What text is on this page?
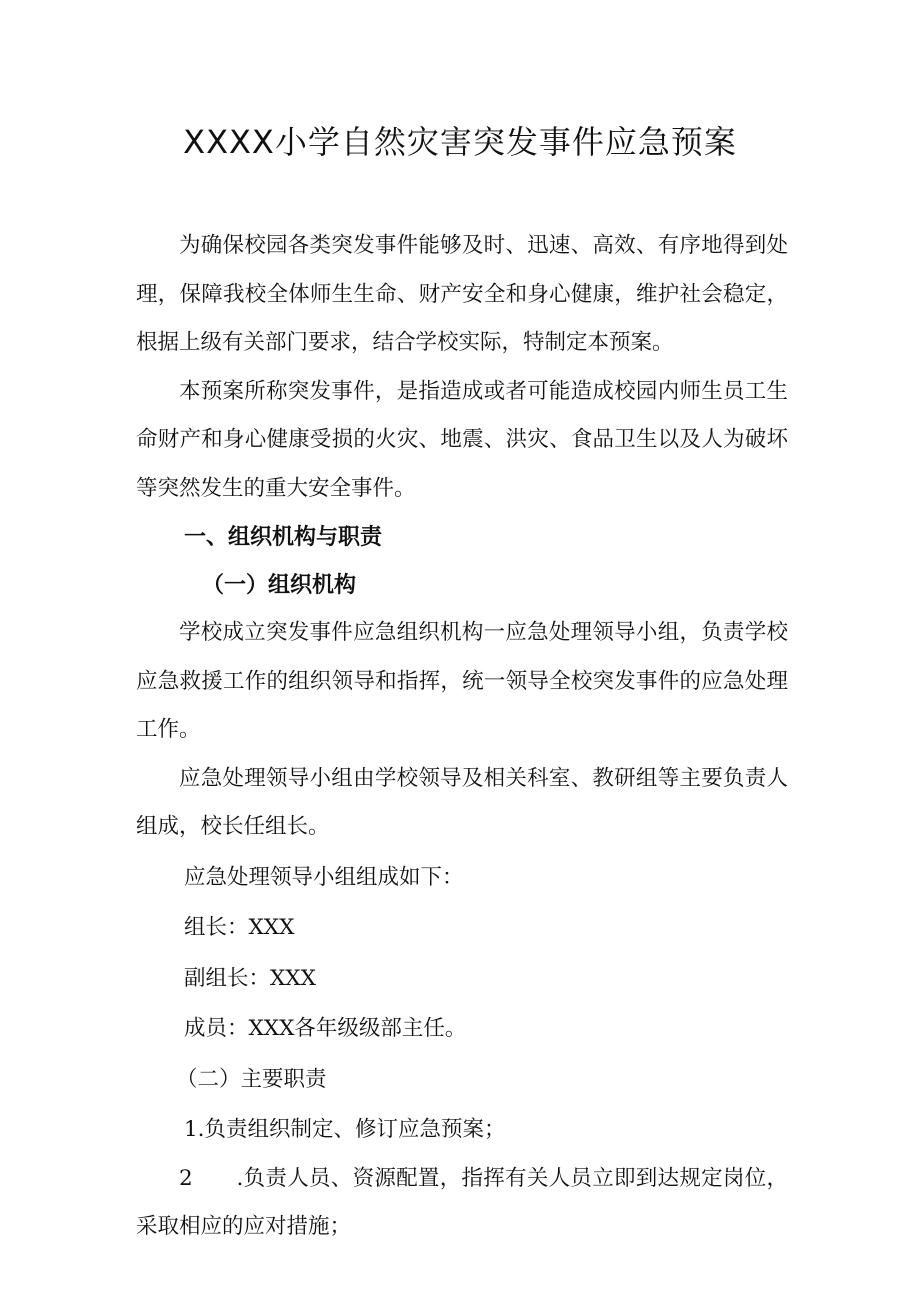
XXXX小学自然灾害突发事件应急预案

为确保校园各类突发事件能够及时、迅速、高效、有序地得到处理，保障我校全体师生生命、财产安全和身心健康，维护社会稳定，根据上级有关部门要求，结合学校实际，特制定本预案。

本预案所称突发事件，是指造成或者可能造成校园内师生员工生命财产和身心健康受损的火灾、地震、洪灾、食品卫生以及人为破坏等突然发生的重大安全事件。

一、组织机构与职责
（一）组织机构

学校成立突发事件应急组织机构一应急处理领导小组，负责学校应急救援工作的组织领导和指挥，统一领导全校突发事件的应急处理工作。

应急处理领导小组由学校领导及相关科室、教研组等主要负责人组成，校长任组长。

应急处理领导小组组成如下：

组长：XXX

副组长：XXX

成员：XXX各年级级部主任。

（二）主要职责

1.负责组织制定、修订应急预案；

2　　.负责人员、资源配置，指挥有关人员立即到达规定岗位，采取相应的应对措施；
